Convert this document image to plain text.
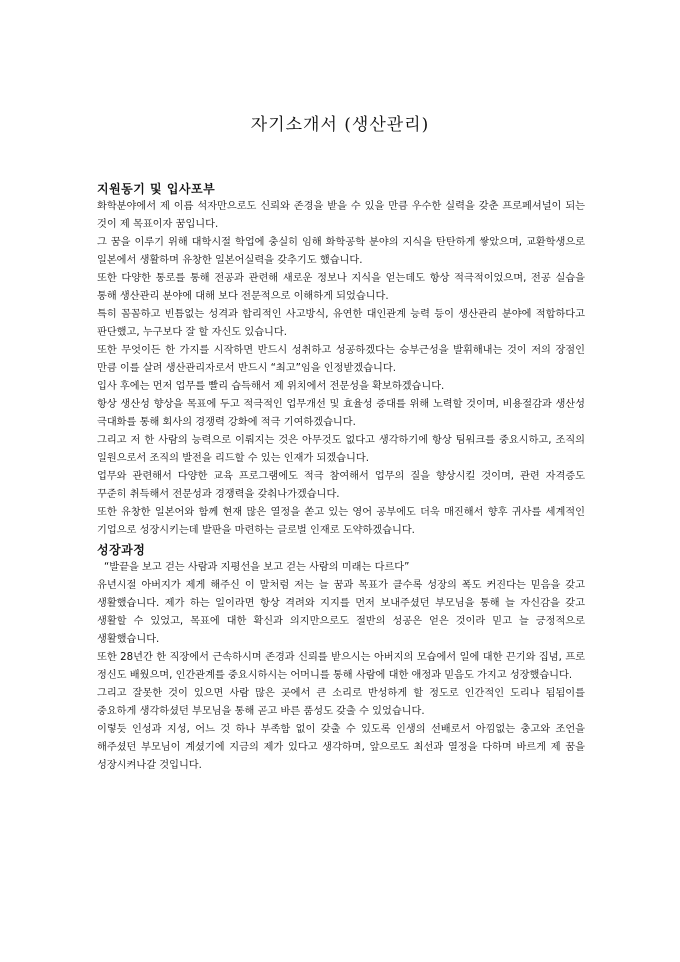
자기소개서 (생산관리)
지원동기 및 입사포부

화학분야에서 제 이름 석자만으로도 신뢰와 존경을 받을 수 있을 만큼 우수한 실력을 갖춘 프로페셔널이 되는 것이 제 목표이자 꿈입니다.

그 꿈을 이루기 위해 대학시절 학업에 충실히 임해 화학공학 분야의 지식을 탄탄하게 쌓았으며, 교환학생으로 일본에서 생활하며 유창한 일본어실력을 갖추기도 했습니다.

또한 다양한 통로를 통해 전공과 관련해 새로운 정보나 지식을 얻는데도 항상 적극적이었으며, 전공 실습을 통해 생산관리 분야에 대해 보다 전문적으로 이해하게 되었습니다.

특히 꼼꼼하고 빈틈없는 성격과 합리적인 사고방식, 유연한 대인관계 능력 등이 생산관리 분야에 적합하다고 판단했고, 누구보다 잘 할 자신도 있습니다.

또한 무엇이든 한 가지를 시작하면 반드시 성취하고 성공하겠다는 승부근성을 발휘해내는 것이 저의 장점인 만큼 이를 살려 생산관리자로서 반드시 “최고”임을 인정받겠습니다.

입사 후에는 먼저 업무를 빨리 습득해서 제 위치에서 전문성을 확보하겠습니다.

항상 생산성 향상을 목표에 두고 적극적인 업무개선 및 효율성 증대를 위해 노력할 것이며, 비용절감과 생산성 극대화를 통해 회사의 경쟁력 강화에 적극 기여하겠습니다.

그리고 저 한 사람의 능력으로 이뤄지는 것은 아무것도 없다고 생각하기에 항상 팀워크를 중요시하고, 조직의 일원으로서 조직의 발전을 리드할 수 있는 인재가 되겠습니다.

업무와 관련해서 다양한 교육 프로그램에도 적극 참여해서 업무의 질을 향상시킬 것이며, 관련 자격증도 꾸준히 취득해서 전문성과 경쟁력을 갖춰나가겠습니다.

또한 유창한 일본어와 함께 현재 많은 열정을 쏟고 있는 영어 공부에도 더욱 매진해서 향후 귀사를 세계적인 기업으로 성장시키는데 발판을 마련하는 글로벌 인재로 도약하겠습니다.

성장과정

“발끝을 보고 걷는 사람과 지평선을 보고 걷는 사람의 미래는 다르다”

유년시절 아버지가 제게 해주신 이 말처럼 저는 늘 꿈과 목표가 클수록 성장의 폭도 커진다는 믿음을 갖고 생활했습니다. 제가 하는 일이라면 항상 격려와 지지를 먼저 보내주셨던 부모님을 통해 늘 자신감을 갖고 생활할 수 있었고, 목표에 대한 확신과 의지만으로도 절반의 성공은 얻은 것이라 믿고 늘 긍정적으로 생활했습니다.

또한 28년간 한 직장에서 근속하시며 존경과 신뢰를 받으시는 아버지의 모습에서 일에 대한 끈기와 집념, 프로 정신도 배웠으며, 인간관계를 중요시하시는 어머니를 통해 사람에 대한 애정과 믿음도 가지고 성장했습니다.

그리고 잘못한 것이 있으면 사람 많은 곳에서 큰 소리로 반성하게 할 정도로 인간적인 도리나 됨됨이를 중요하게 생각하셨던 부모님을 통해 곧고 바른 품성도 갖출 수 있었습니다.

이렇듯 인성과 지성, 어느 것 하나 부족함 없이 갖출 수 있도록 인생의 선배로서 아낌없는 충고와 조언을 해주셨던 부모님이 계셨기에 지금의 제가 있다고 생각하며, 앞으로도 최선과 열정을 다하며 바르게 제 꿈을 성장시켜나갈 것입니다.
